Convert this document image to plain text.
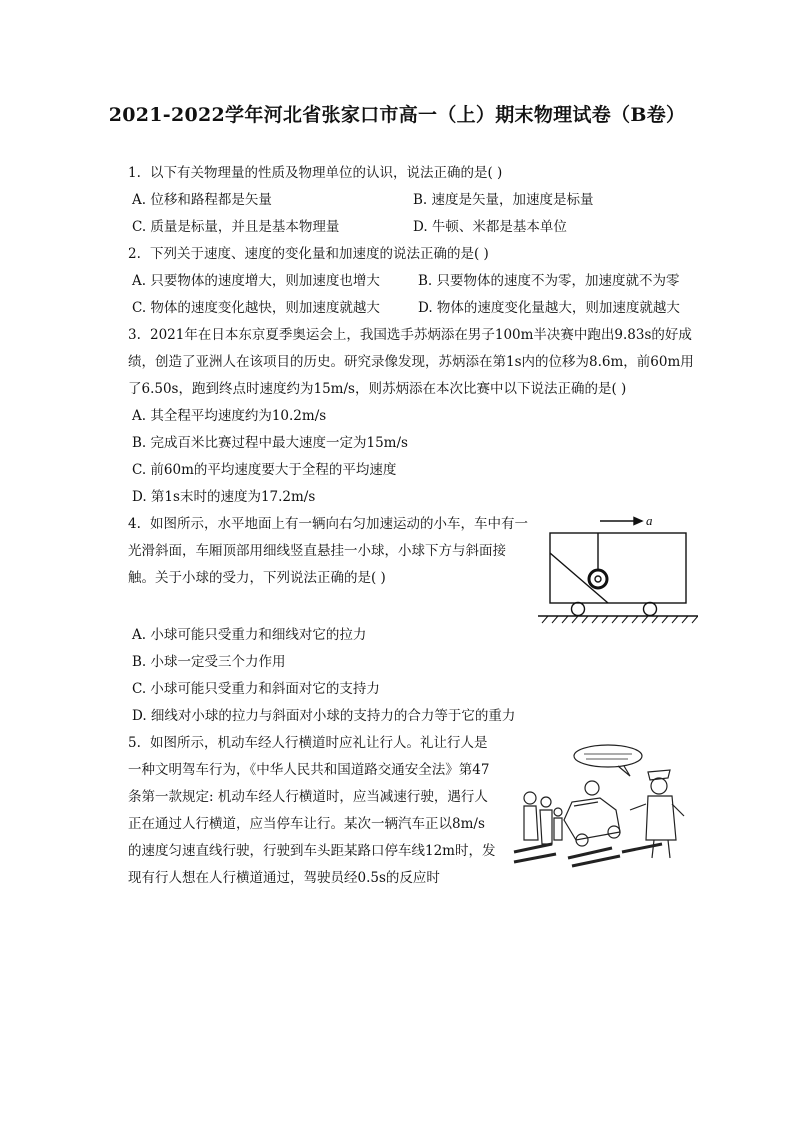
2021-2022学年河北省张家口市高一（上）期末物理试卷（B卷）
1. 以下有关物理量的性质及物理单位的认识，说法正确的是( )
A. 位移和路程都是矢量	B. 速度是矢量，加速度是标量
C. 质量是标量，并且是基本物理量	D. 牛顿、米都是基本单位
2. 下列关于速度、速度的变化量和加速度的说法正确的是( )
A. 只要物体的速度增大，则加速度也增大	B. 只要物体的速度不为零，加速度就不为零
C. 物体的速度变化越快，则加速度就越大	D. 物体的速度变化量越大，则加速度就越大
3. 2021年在日本东京夏季奥运会上，我国选手苏炳添在男子100m半决赛中跑出9.83s的好成绩，创造了亚洲人在该项目的历史。研究录像发现，苏炳添在第1s内的位移为8.6m，前60m用了6.50s，跑到终点时速度约为15m/s，则苏炳添在本次比赛中以下说法正确的是( )
A. 其全程平均速度约为10.2m/s
B. 完成百米比赛过程中最大速度一定为15m/s
C. 前60m的平均速度要大于全程的平均速度
D. 第1s末时的速度为17.2m/s
4. 如图所示，水平地面上有一辆向右匀加速运动的小车，车中有一光滑斜面，车厢顶部用细线竖直悬挂一小球，小球下方与斜面接触。关于小球的受力，下列说法正确的是( )
a
A. 小球可能只受重力和细线对它的拉力
B. 小球一定受三个力作用
C. 小球可能只受重力和斜面对它的支持力
D. 细线对小球的拉力与斜面对小球的支持力的合力等于它的重力
5. 如图所示，机动车经人行横道时应礼让行人。礼让行人是一种文明驾车行为，《中华人民共和国道路交通安全法》第47条第一款规定: 机动车经人行横道时，应当减速行驶，遇行人正在通过人行横道，应当停车让行。某次一辆汽车正以8m/s的速度匀速直线行驶，行驶到车头距某路口停车线12m时，发现有行人想在人行横道通过，驾驶员经0.5s的反应时
